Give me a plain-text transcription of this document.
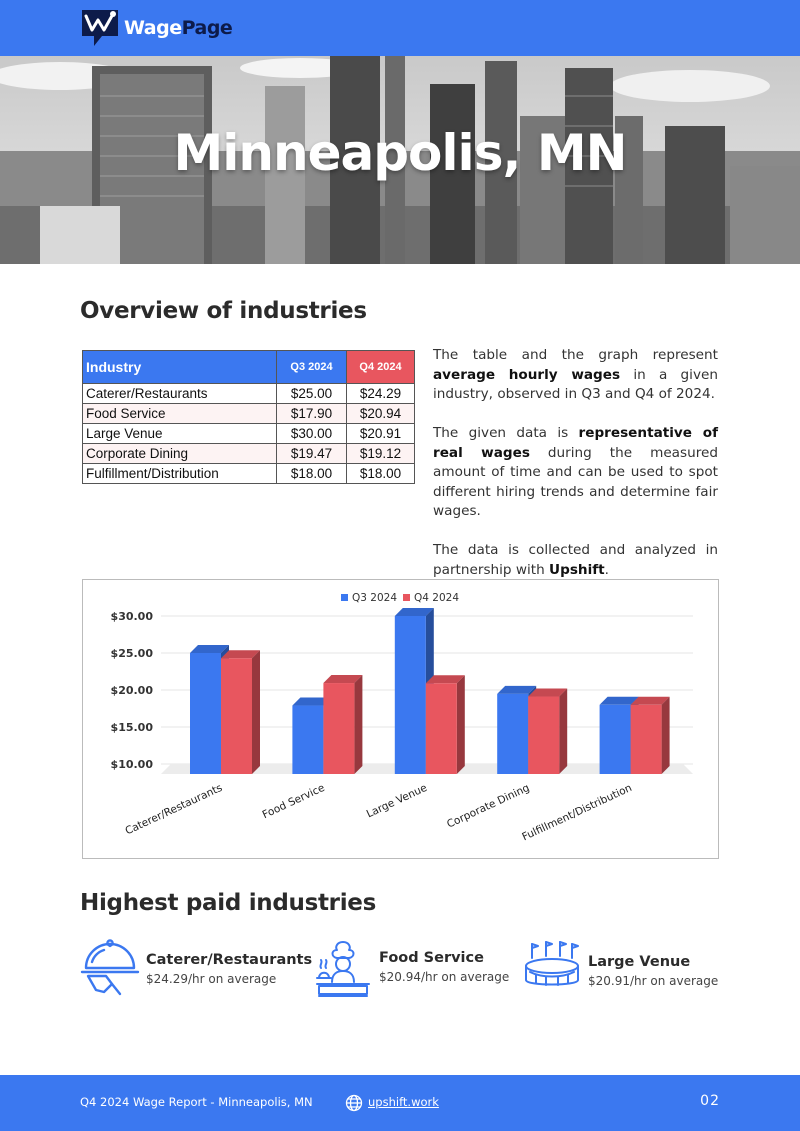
WagePage
Minneapolis, MN
Overview of industries
Industry	Q3 2024	Q4 2024
Caterer/Restaurants	$25.00	$24.29
Food Service	$17.90	$20.94
Large Venue	$30.00	$20.91
Corporate Dining	$19.47	$19.12
Fulfillment/Distribution	$18.00	$18.00

The table and the graph represent average hourly wages in a given industry, observed in Q3 and Q4 of 2024.

The given data is representative of real wages during the measured amount of time and can be used to spot different hiring trends and determine fair wages.

The data is collected and analyzed in partnership with Upshift.

$30.00
$25.00
$20.00
$15.00
$10.00
Q3 2024 Q4 2024
Caterer/Restaurants	Food Service	Large Venue Corporate Dining
Fulfillment/Distribution
Highest paid industries
Caterer/Restaurants
$24.29/hr on average
Food Service
$20.94/hr on average
Large Venue
$20.91/hr on average
Q4 2024 Wage Report - Minneapolis, MN	upshift.work	02
